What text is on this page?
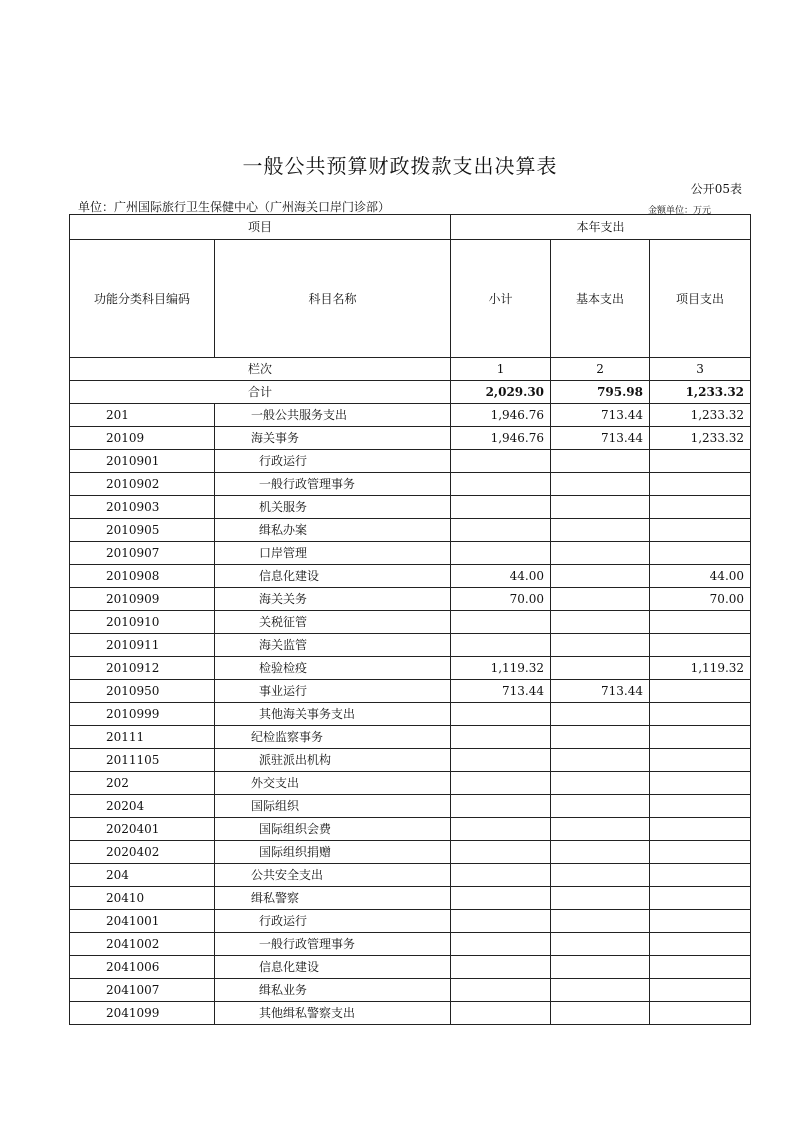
一般公共预算财政拨款支出决算表
公开05表
单位：广州国际旅行卫生保健中心（广州海关口岸门诊部）	金额单位：万元
项目		本年支出		
功能分类科目编码	科目名称	小计	基本支出	项目支出
栏次		1	2	3
合计		2,029.30	795.98	1,233.32
201	一般公共服务支出	1,946.76	713.44	1,233.32
20109	海关事务	1,946.76	713.44	1,233.32
2010901	行政运行			
2010902	一般行政管理事务			
2010903	机关服务			
2010905	缉私办案			
2010907	口岸管理			
2010908	信息化建设	44.00		44.00
2010909	海关关务	70.00		70.00
2010910	关税征管			
2010911	海关监管			
2010912	检验检疫	1,119.32		1,119.32
2010950	事业运行	713.44	713.44	
2010999	其他海关事务支出			
20111	纪检监察事务			
2011105	派驻派出机构			
202	外交支出			
20204	国际组织			
2020401	国际组织会费			
2020402	国际组织捐赠			
204	公共安全支出			
20410	缉私警察			
2041001	行政运行			
2041002	一般行政管理事务			
2041006	信息化建设			
2041007	缉私业务			
2041099	其他缉私警察支出			
